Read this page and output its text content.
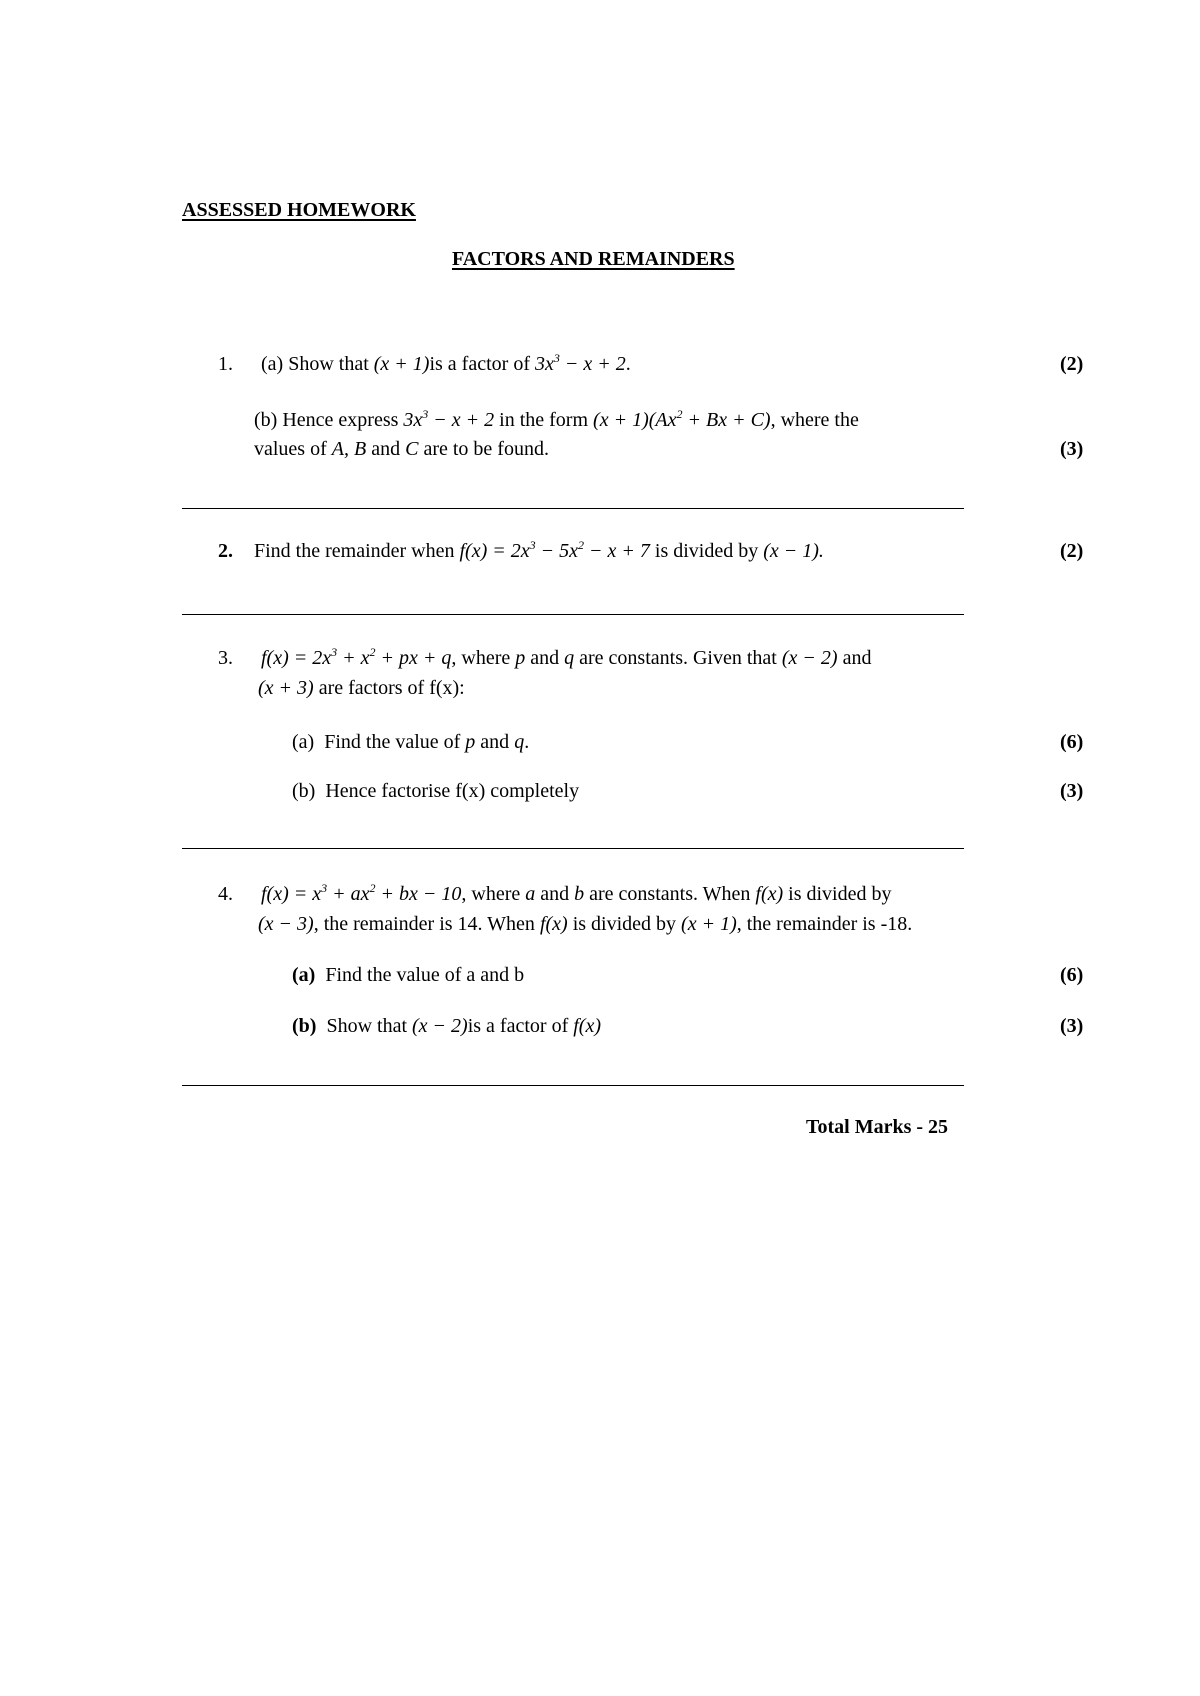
ASSESSED HOMEWORK
FACTORS AND REMAINDERS
1. (a) Show that (x + 1)is a factor of $3x^3 - x + 2$.	(2)
(b) Hence express $3x^3 - x + 2$ in the form $(x + 1)(Ax^2 + Bx + C)$, where the
values of A, B and C are to be found.	(3)
2. Find the remainder when $f(x) = 2x^3 - 5x^2 - x + 7$ is divided by (x − 1).	(2)
3. $f(x) = 2x^3 + x^2$ + px + q, where p and q are constants. Given that (x − 2) and
(x + 3) are factors of f(x):
(a) Find the value of p and q.	(6)
(b) Hence factorise f(x) completely	(3)
4. $f(x) = x^3 + ax^2$ + bx − 10, where a and b are constants. When f(x) is divided by
(x − 3), the remainder is 14. When f(x) is divided by (x + 1), the remainder is -18.
(a) Find the value of a and b	(6)
(b) Show that (x − 2)is a factor of f(x)	(3)
Total Marks - 25
